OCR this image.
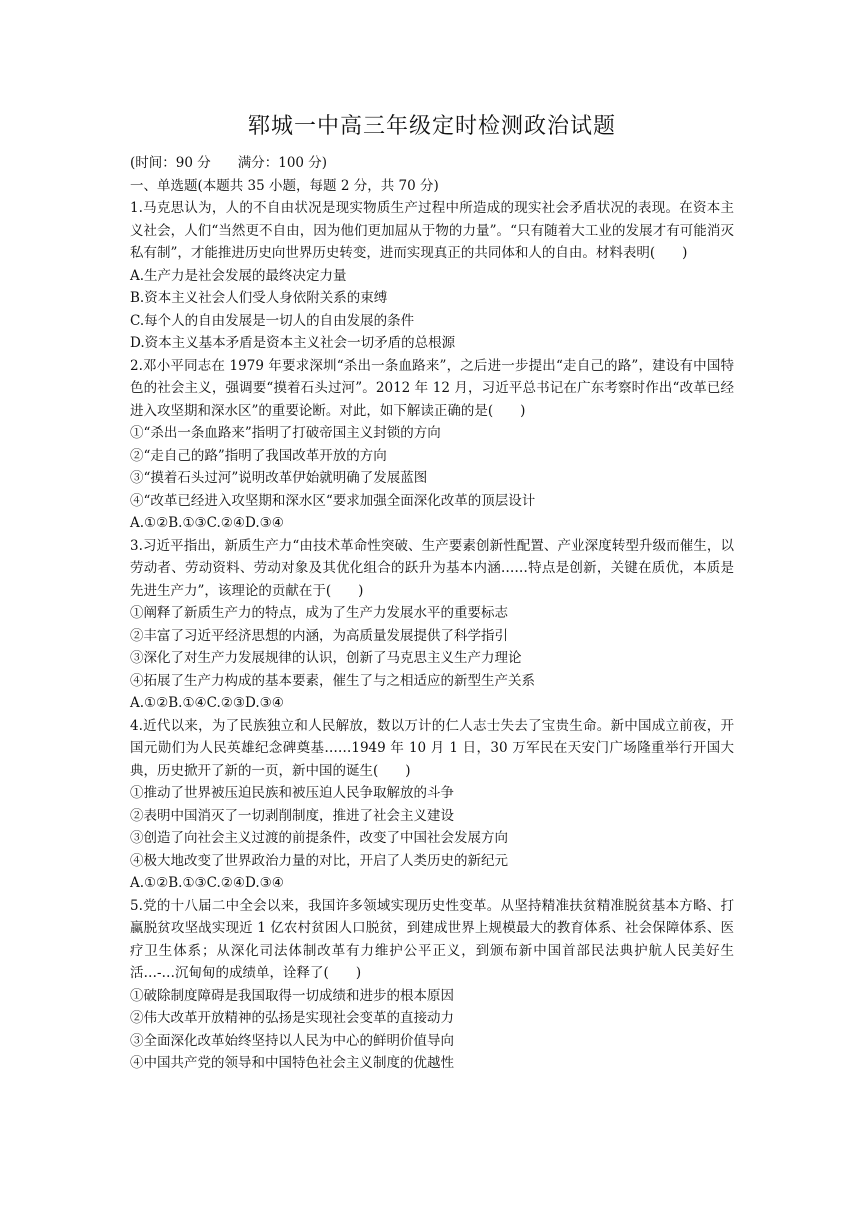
郓城一中高三年级定时检测政治试题
(时间：90 分　　满分：100 分)
一、单选题(本题共 35 小题，每题 2 分，共 70 分)
1.马克思认为，人的不自由状况是现实物质生产过程中所造成的现实社会矛盾状况的表现。在资本主义社会，人们“当然更不自由，因为他们更加屈从于物的力量”。“只有随着大工业的发展才有可能消灭私有制”，才能推进历史向世界历史转变，进而实现真正的共同体和人的自由。材料表明(　　)
A.生产力是社会发展的最终决定力量
B.资本主义社会人们受人身依附关系的束缚
C.每个人的自由发展是一切人的自由发展的条件
D.资本主义基本矛盾是资本主义社会一切矛盾的总根源
2.邓小平同志在 1979 年要求深圳“杀出一条血路来”，之后进一步提出“走自己的路”，建设有中国特色的社会主义，强调要“摸着石头过河”。2012 年 12 月，习近平总书记在广东考察时作出“改革已经进入攻坚期和深水区”的重要论断。对此，如下解读正确的是(　　)
①“杀出一条血路来”指明了打破帝国主义封锁的方向
②“走自己的路”指明了我国改革开放的方向
③“摸着石头过河”说明改革伊始就明确了发展蓝图
④“改革已经进入攻坚期和深水区“要求加强全面深化改革的顶层设计
A.①②B.①③C.②④D.③④
3.习近平指出，新质生产力“由技术革命性突破、生产要素创新性配置、产业深度转型升级而催生，以劳动者、劳动资料、劳动对象及其优化组合的跃升为基本内涵……特点是创新，关键在质优，本质是先进生产力”，该理论的贡献在于(　　)
①阐释了新质生产力的特点，成为了生产力发展水平的重要标志
②丰富了习近平经济思想的内涵，为高质量发展提供了科学指引
③深化了对生产力发展规律的认识，创新了马克思主义生产力理论
④拓展了生产力构成的基本要素，催生了与之相适应的新型生产关系
A.①②B.①④C.②③D.③④
4.近代以来，为了民族独立和人民解放，数以万计的仁人志士失去了宝贵生命。新中国成立前夜，开国元勋们为人民英雄纪念碑奠基……1949 年 10 月 1 日，30 万军民在天安门广场隆重举行开国大典，历史掀开了新的一页，新中国的诞生(　　)
①推动了世界被压迫民族和被压迫人民争取解放的斗争
②表明中国消灭了一切剥削制度，推进了社会主义建设
③创造了向社会主义过渡的前提条件，改变了中国社会发展方向
④极大地改变了世界政治力量的对比，开启了人类历史的新纪元
A.①②B.①③C.②④D.③④
5.党的十八届二中全会以来，我国许多领域实现历史性变革。从坚持精准扶贫精准脱贫基本方略、打赢脱贫攻坚战实现近 1 亿农村贫困人口脱贫，到建成世界上规模最大的教育体系、社会保障体系、医疗卫生体系；从深化司法体制改革有力维护公平正义，到颁布新中国首部民法典护航人民美好生活…-…沉甸甸的成绩单，诠释了(　　)
①破除制度障碍是我国取得一切成绩和进步的根本原因
②伟大改革开放精神的弘扬是实现社会变革的直接动力
③全面深化改革始终坚持以人民为中心的鲜明价值导向
④中国共产党的领导和中国特色社会主义制度的优越性
